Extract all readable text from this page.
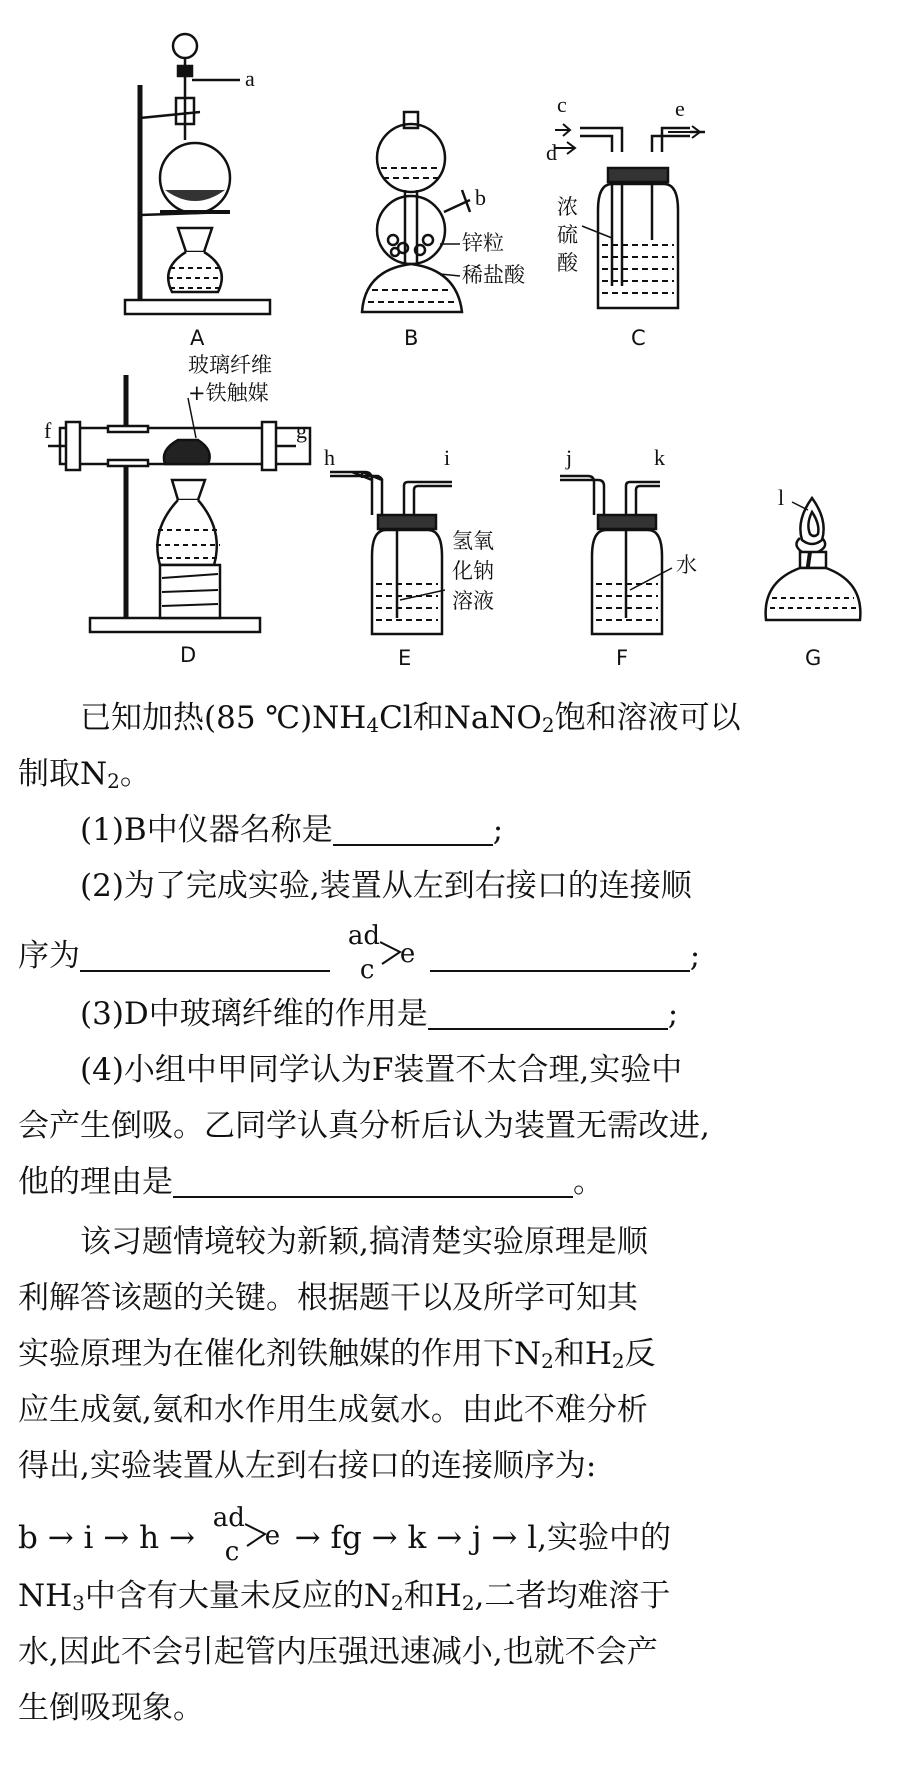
a
A
b
锌粒
稀盐酸
B
c
d
e
浓
硫
酸
C
f	g
玻璃纤维
+铁触媒
D
h	i
氢氧
化钠
溶液
E
j	k
水
F
l
G
已知加热(85 $℃)NH_4Cl$和NaNO$_2$饱和溶液可以
制取$N_2$。
(1)B中仪器名称是	;
(2)为了完成实验,装置从左到右接口的连接顺
序为
ad
c
e	;
(3)D中玻璃纤维的作用是	;
(4)小组中甲同学认为F装置不太合理,实验中
会产生倒吸。乙同学认真分析后认为装置无需改进,
他的理由是	。
该习题情境较为新颖,搞清楚实验原理是顺
利解答该题的关键。根据题干以及所学可知其
实验原理为在催化剂铁触媒的作用下$N_2$和$H_2$反
应生成氨,氨和水作用生成氨水。由此不难分析
得出,实验装置从左到右接口的连接顺序为:
b → i → h →
ad
c
e → fg → k → j → l,实验中的
$NH_3$中含有大量未反应的$N_2$和$H_2$,二者均难溶于
水,因此不会引起管内压强迅速减小,也就不会产
生倒吸现象。
